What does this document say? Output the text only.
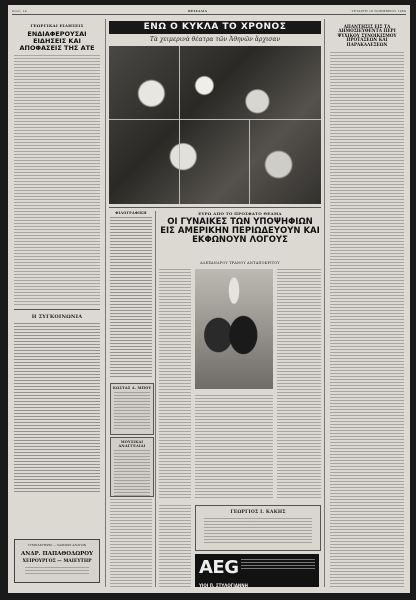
Σελίς 14	ΘΕΣΣΑΛΙΑ	ΤΕΤΑΡΤΗ 18 ΝΟΕΜΒΡΙΟΥ 1964
ΓΕΩΡΓΙΚΑΙ ΕΙΔΗΣΕΙΣ
ΕΝΔΙΑΦΕΡΟΥΣΑΙ ΕΙΔΗΣΕΙΣ ΚΑΙ ΑΠΟΦΑΣΕΙΣ ΤΗΣ ΑΤΕ
Η ΣΥΓΚΟΙΝΩΝΙΑ
ΓΥΜΝΑΣΤΗΡΙΟ — ΣΑΡΩΣΙΣ ΑΛΟΓΩΝ
ΑΝΔΡ. ΠΑΠΑΘΟΔΩΡΟΥ
ΧΕΙΡΟΥΡΓΟΣ — ΜΑΙΕΥΤΗΡ
ΕΝΩ Ο ΚΥΚΛΑ ΤΟ ΧΡΟΝΟΣ
Τὰ χειμερινὰ θέατρα τῶν Ἀθηνῶν ἄρχισαν
ΦΙΛΟΓΡΑΦΙΚΗ
ΚΩΣΤΑΣ Δ. ΜΠΟΥ
ΜΟΥΣΙΚΑΙ ΑΝΑΓΓΕΛΙΑΙ
ΕΥΡΩ ΑΠΟ ΤΟ ΠΡΟΣΦΑΤΟ ΘΕΑΜΑ
ΟΙ ΓΥΝΑΙΚΕΣ ΤΩΝ ΥΠΟΨΗΦΙΩΝ ΕΙΣ ΑΜΕΡΙΚΗΝ ΠΕΡΙΩΔΕΥΟΥΝ ΚΑΙ ΕΚΦΩΝΟΥΝ ΛΟΓΟΥΣ
ΑΛΕΞΑΝΔΡΟΥ ΤΡΑΝΟΥ ΑΝΤΑΠΟΚΡΙΤΟΥ
ΓΕΩΡΓΙΟΣ Ι. ΚΑΚΗΣ
AEG
ΥΙΟΙ Π. ΣΤΥΛΟΓΙΑΝΝΗ
ΑΠΑΝΤΗΣΙΣ ΕΙΣ ΤΑ ΔΗΜΟΣΙΕΥΘΕΝΤΑ ΠΕΡΙ ΨΥΧΙΚΟΥ ΣΥΝΟΙΚΙΣΜΟΥ ΠΡΟΤΑΣΕΩΝ ΚΑΙ ΠΑΡΑΚΑΛΕΣΕΩΝ
